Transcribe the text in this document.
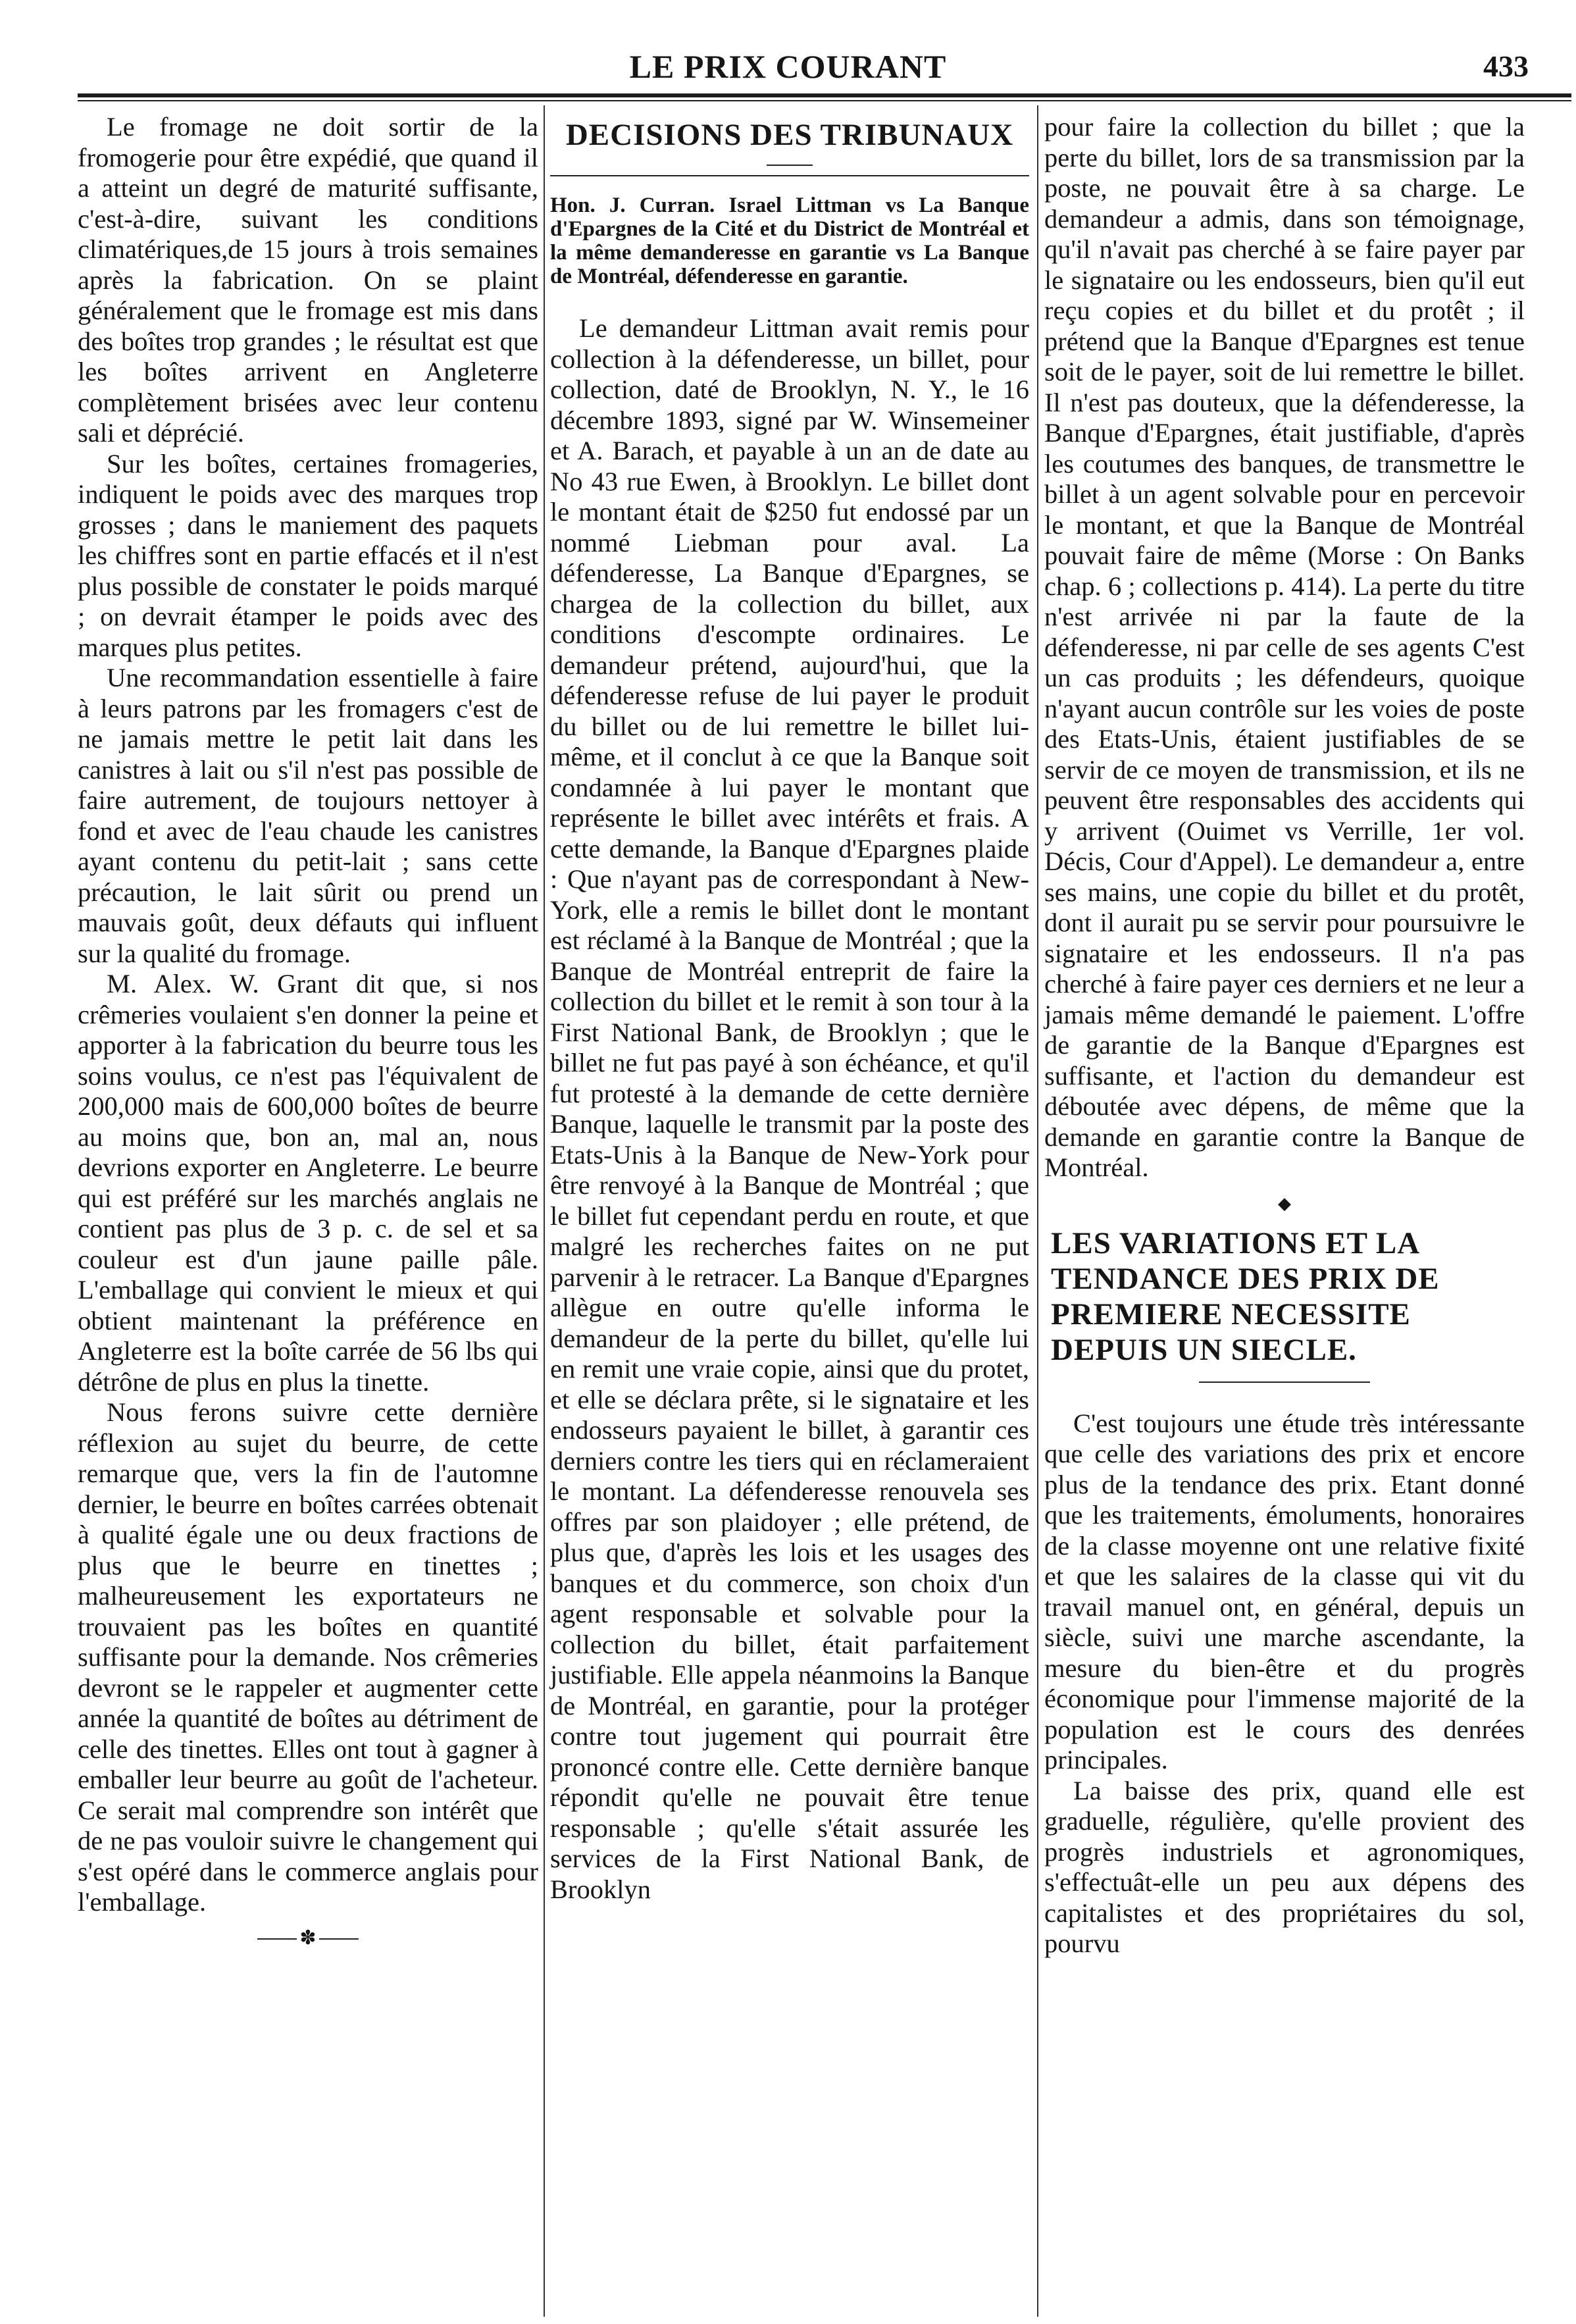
LE PRIX COURANT	433

Le fromage ne doit sortir de la fromogerie pour être expédié, que quand il a atteint un degré de maturité suffisante, c'est-à-dire, suivant les conditions climatériques,de 15 jours à trois semaines après la fabrication. On se plaint généralement que le fromage est mis dans des boîtes trop grandes ; le résultat est que les boîtes arrivent en Angleterre complètement brisées avec leur contenu sali et déprécié.

Sur les boîtes, certaines fromageries, indiquent le poids avec des marques trop grosses ; dans le maniement des paquets les chiffres sont en partie effacés et il n'est plus possible de constater le poids marqué ; on devrait étamper le poids avec des marques plus petites.

Une recommandation essentielle à faire à leurs patrons par les fromagers c'est de ne jamais mettre le petit lait dans les canistres à lait ou s'il n'est pas possible de faire autrement, de toujours nettoyer à fond et avec de l'eau chaude les canistres ayant contenu du petit-lait ; sans cette précaution, le lait sûrit ou prend un mauvais goût, deux défauts qui influent sur la qualité du fromage.

M. Alex. W. Grant dit que, si nos crêmeries voulaient s'en donner la peine et apporter à la fabrication du beurre tous les soins voulus, ce n'est pas l'équivalent de 200,000 mais de 600,000 boîtes de beurre au moins que, bon an, mal an, nous devrions exporter en Angleterre. Le beurre qui est préféré sur les marchés anglais ne contient pas plus de 3 p. c. de sel et sa couleur est d'un jaune paille pâle. L'emballage qui convient le mieux et qui obtient maintenant la préférence en Angleterre est la boîte carrée de 56 lbs qui détrône de plus en plus la tinette.

Nous ferons suivre cette dernière réflexion au sujet du beurre, de cette remarque que, vers la fin de l'automne dernier, le beurre en boîtes carrées obtenait à qualité égale une ou deux fractions de plus que le beurre en tinettes ; malheureusement les exportateurs ne trouvaient pas les boîtes en quantité suffisante pour la demande. Nos crêmeries devront se le rappeler et augmenter cette année la quantité de boîtes au détriment de celle des tinettes. Elles ont tout à gagner à emballer leur beurre au goût de l'acheteur. Ce serait mal comprendre son intérêt que de ne pas vouloir suivre le changement qui s'est opéré dans le commerce anglais pour l'emballage.

✽
DECISIONS DES TRIBUNAUX
Hon. J. Curran. Israel Littman vs La Banque d'Epargnes de la Cité et du District de Montréal et la même demanderesse en garantie vs La Banque de Montréal, défenderesse en garantie.

Le demandeur Littman avait remis pour collection à la défenderesse, un billet, pour collection, daté de Brooklyn, N. Y., le 16 décembre 1893, signé par W. Winsemeiner et A. Barach, et payable à un an de date au No 43 rue Ewen, à Brooklyn. Le billet dont le montant était de $250 fut endossé par un nommé Liebman pour aval. La défenderesse, La Banque d'Epargnes, se chargea de la collection du billet, aux conditions d'escompte ordinaires. Le demandeur prétend, aujourd'hui, que la défenderesse refuse de lui payer le produit du billet ou de lui remettre le billet lui-même, et il conclut à ce que la Banque soit condamnée à lui payer le montant que représente le billet avec intérêts et frais. A cette demande, la Banque d'Epargnes plaide : Que n'ayant pas de correspondant à New-York, elle a remis le billet dont le montant est réclamé à la Banque de Montréal ; que la Banque de Montréal entreprit de faire la collection du billet et le remit à son tour à la First National Bank, de Brooklyn ; que le billet ne fut pas payé à son échéance, et qu'il fut protesté à la demande de cette dernière Banque, laquelle le transmit par la poste des Etats-Unis à la Banque de New-York pour être renvoyé à la Banque de Montréal ; que le billet fut cependant perdu en route, et que malgré les recherches faites on ne put parvenir à le retracer. La Banque d'Epargnes allègue en outre qu'elle informa le demandeur de la perte du billet, qu'elle lui en remit une vraie copie, ainsi que du protet, et elle se déclara prête, si le signataire et les endosseurs payaient le billet, à garantir ces derniers contre les tiers qui en réclameraient le montant. La défenderesse renouvela ses offres par son plaidoyer ; elle prétend, de plus que, d'après les lois et les usages des banques et du commerce, son choix d'un agent responsable et solvable pour la collection du billet, était parfaitement justifiable. Elle appela néanmoins la Banque de Montréal, en garantie, pour la protéger contre tout jugement qui pourrait être prononcé contre elle. Cette dernière banque répondit qu'elle ne pouvait être tenue responsable ; qu'elle s'était assurée les services de la First National Bank, de Brooklyn

pour faire la collection du billet ; que la perte du billet, lors de sa transmission par la poste, ne pouvait être à sa charge. Le demandeur a admis, dans son témoignage, qu'il n'avait pas cherché à se faire payer par le signataire ou les endosseurs, bien qu'il eut reçu copies et du billet et du protêt ; il prétend que la Banque d'Epargnes est tenue soit de le payer, soit de lui remettre le billet. Il n'est pas douteux, que la défenderesse, la Banque d'Epargnes, était justifiable, d'après les coutumes des banques, de transmettre le billet à un agent solvable pour en percevoir le montant, et que la Banque de Montréal pouvait faire de même (Morse : On Banks chap. 6 ; collections p. 414). La perte du titre n'est arrivée ni par la faute de la défenderesse, ni par celle de ses agents C'est un cas produits ; les défendeurs, quoique n'ayant aucun contrôle sur les voies de poste des Etats-Unis, étaient justifiables de se servir de ce moyen de transmission, et ils ne peuvent être responsables des accidents qui y arrivent (Ouimet vs Verrille, 1er vol. Décis, Cour d'Appel). Le demandeur a, entre ses mains, une copie du billet et du protêt, dont il aurait pu se servir pour poursuivre le signataire et les endosseurs. Il n'a pas cherché à faire payer ces derniers et ne leur a jamais même demandé le paiement. L'offre de garantie de la Banque d'Epargnes est suffisante, et l'action du demandeur est déboutée avec dépens, de même que la demande en garantie contre la Banque de Montréal.

◆
LES VARIATIONS ET LA TENDANCE DES PRIX DE PREMIERE NECESSITE DEPUIS UN SIECLE.

C'est toujours une étude très intéressante que celle des variations des prix et encore plus de la tendance des prix. Etant donné que les traitements, émoluments, honoraires de la classe moyenne ont une relative fixité et que les salaires de la classe qui vit du travail manuel ont, en général, depuis un siècle, suivi une marche ascendante, la mesure du bien-être et du progrès économique pour l'immense majorité de la population est le cours des denrées principales.

La baisse des prix, quand elle est graduelle, régulière, qu'elle provient des progrès industriels et agronomiques, s'effectuât-elle un peu aux dépens des capitalistes et des propriétaires du sol, pourvu
